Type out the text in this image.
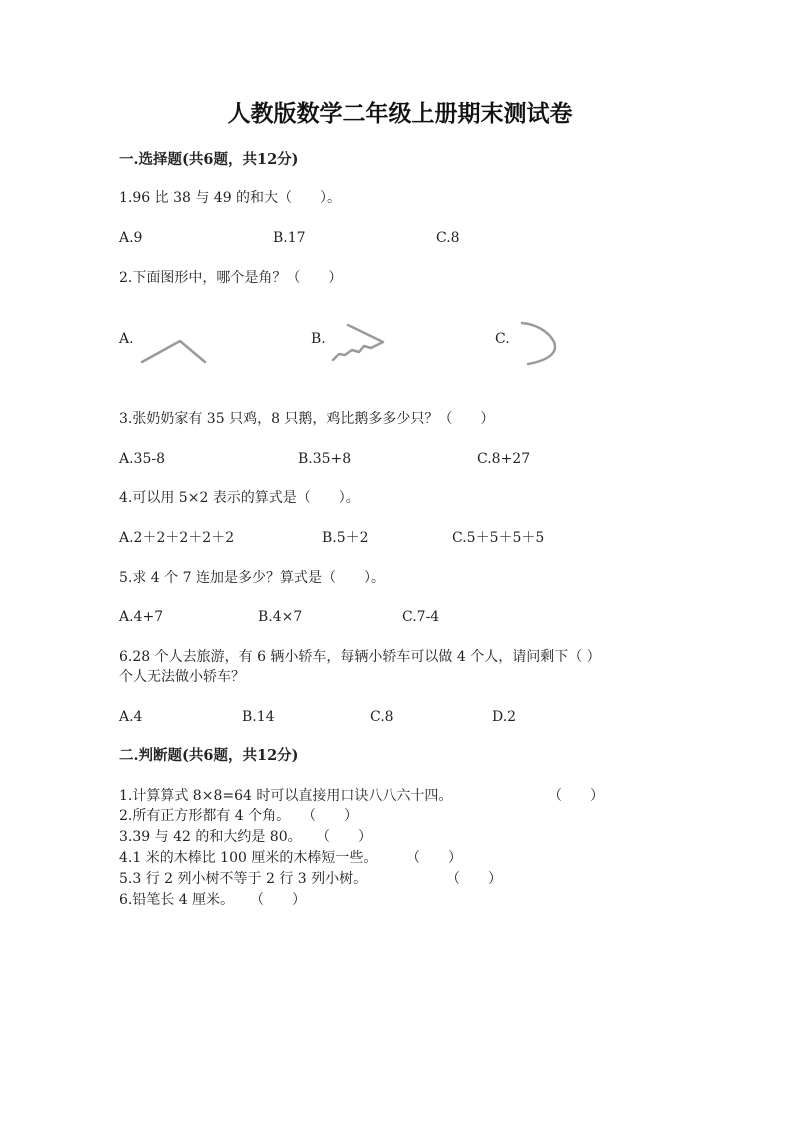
人教版数学二年级上册期末测试卷
一.选择题(共6题，共12分)
1.96 比 38 与 49 的和大（　　）。
A.9	B.17	C.8
2.下面图形中，哪个是角？（　　）
A.	B.	C.
3.张奶奶家有 35 只鸡，8 只鹅，鸡比鹅多多少只？（　　）
A.35-8	B.35+8	C.8+27
4.可以用 5×2 表示的算式是（　　）。
A.2＋2＋2＋2＋2	B.5＋2	C.5＋5＋5＋5
5.求 4 个 7 连加是多少？算式是（　　）。
A.4+7	B.4×7	C.7-4
6.28 个人去旅游，有 6 辆小轿车，每辆小轿车可以做 4 个人，请问剩下（ ）
个人无法做小轿车？
A.4	B.14	C.8	D.2
二.判断题(共6题，共12分)
1.计算算式 8×8=64 时可以直接用口诀八八六十四。	（　　）
2.所有正方形都有 4 个角。 （　　）
3.39 与 42 的和大约是 80。 （　　）
4.1 米的木棒比 100 厘米的木棒短一些。 （　　）
5.3 行 2 列小树不等于 2 行 3 列小树。	（　　）
6.铅笔长 4 厘米。 （　　）
